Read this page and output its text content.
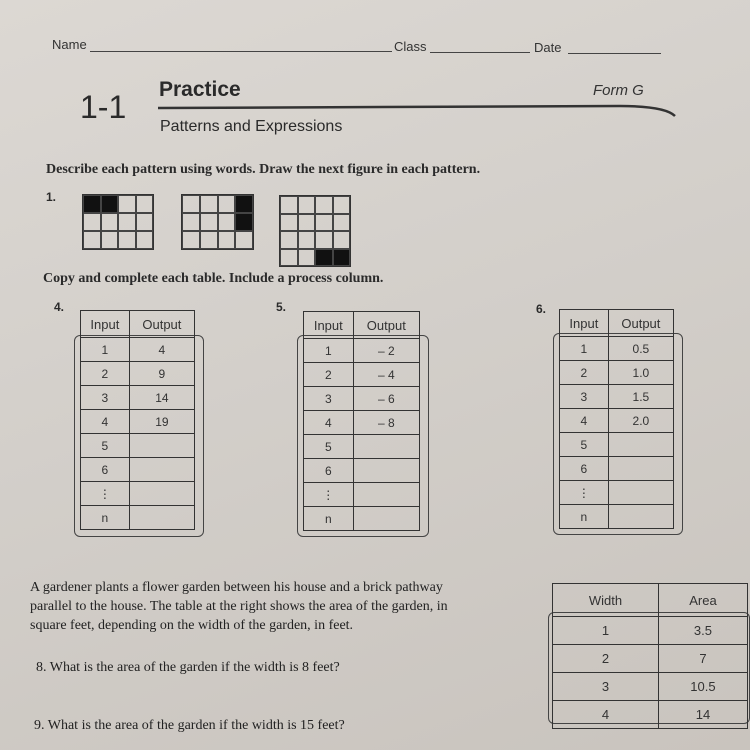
Name	Class	Date
1-1 Practice	Form G
Patterns and Expressions
Describe each pattern using words. Draw the next figure in each pattern.
1.
Copy and complete each table. Include a process column.
4.
Input	Output
1	4
2	9
3	14
4	19
5	
6	
⋮	
n	
5.
Input	Output
1	– 2
2	– 4
3	– 6
4	– 8
5	
6	
⋮	
n	
6.
Input	Output
1	0.5
2	1.0
3	1.5
4	2.0
5	
6	
⋮	
n	
A gardener plants a flower garden between his house and a brick pathway
parallel to the house. The table at the right shows the area of the garden, in
square feet, depending on the width of the garden, in feet.
8. What is the area of the garden if the width is 8 feet?
9. What is the area of the garden if the width is 15 feet?
Width	Area
1	3.5
2	7
3	10.5
4	14
